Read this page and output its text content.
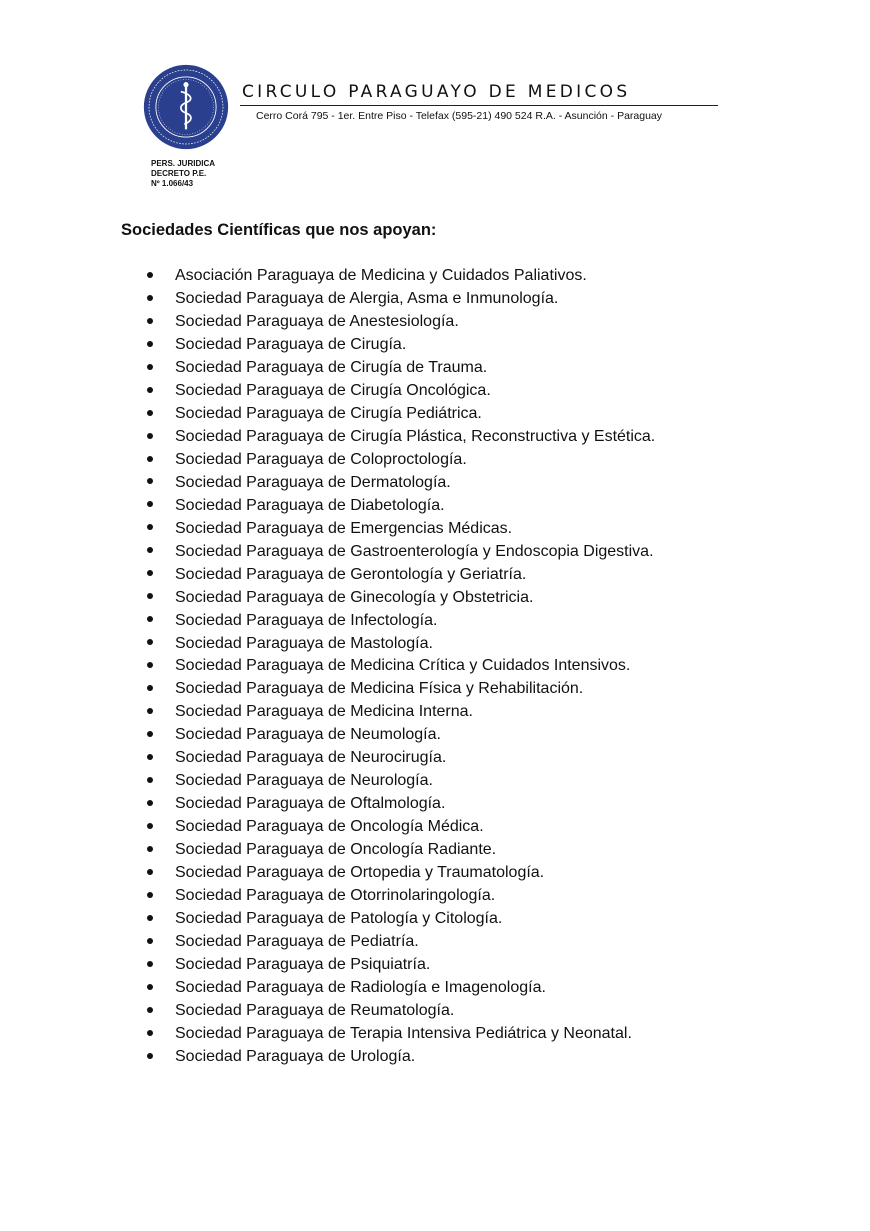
CIRCULO PARAGUAYO DE MEDICOS
Cerro Corá 795 - 1er. Entre Piso - Telefax (595-21) 490 524 R.A. - Asunción - Paraguay
PERS. JURIDICA
DECRETO P.E.
Nº 1.066/43
Sociedades Científicas que nos apoyan:
Asociación Paraguaya de Medicina y Cuidados Paliativos.
Sociedad Paraguaya de Alergia, Asma e Inmunología.
Sociedad Paraguaya de Anestesiología.
Sociedad Paraguaya de Cirugía.
Sociedad Paraguaya de Cirugía de Trauma.
Sociedad Paraguaya de Cirugía Oncológica.
Sociedad Paraguaya de Cirugía Pediátrica.
Sociedad Paraguaya de Cirugía Plástica, Reconstructiva y Estética.
Sociedad Paraguaya de Coloproctología.
Sociedad Paraguaya de Dermatología.
Sociedad Paraguaya de Diabetología.
Sociedad Paraguaya de Emergencias Médicas.
Sociedad Paraguaya de Gastroenterología y Endoscopia Digestiva.
Sociedad Paraguaya de Gerontología y Geriatría.
Sociedad Paraguaya de Ginecología y Obstetricia.
Sociedad Paraguaya de Infectología.
Sociedad Paraguaya de Mastología.
Sociedad Paraguaya de Medicina Crítica y Cuidados Intensivos.
Sociedad Paraguaya de Medicina Física y Rehabilitación.
Sociedad Paraguaya de Medicina Interna.
Sociedad Paraguaya de Neumología.
Sociedad Paraguaya de Neurocirugía.
Sociedad Paraguaya de Neurología.
Sociedad Paraguaya de Oftalmología.
Sociedad Paraguaya de Oncología Médica.
Sociedad Paraguaya de Oncología Radiante.
Sociedad Paraguaya de Ortopedia y Traumatología.
Sociedad Paraguaya de Otorrinolaringología.
Sociedad Paraguaya de Patología y Citología.
Sociedad Paraguaya de Pediatría.
Sociedad Paraguaya de Psiquiatría.
Sociedad Paraguaya de Radiología e Imagenología.
Sociedad Paraguaya de Reumatología.
Sociedad Paraguaya de Terapia Intensiva Pediátrica y Neonatal.
Sociedad Paraguaya de Urología.
